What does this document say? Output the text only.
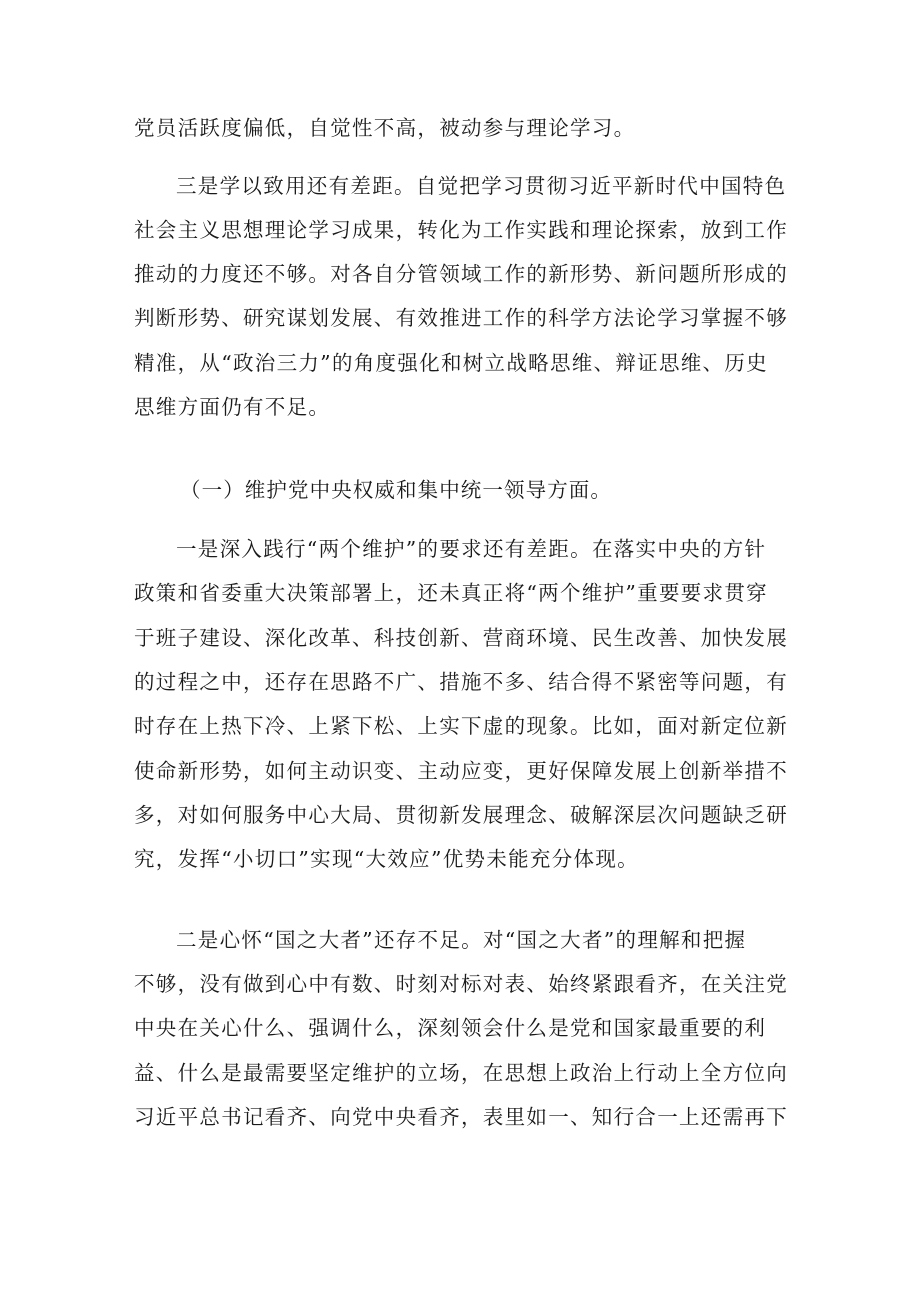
党员活跃度偏低，自觉性不高，被动参与理论学习。
三是学以致用还有差距。自觉把学习贯彻习近平新时代中国特色
社会主义思想理论学习成果，转化为工作实践和理论探索，放到工作
推动的力度还不够。对各自分管领域工作的新形势、新问题所形成的
判断形势、研究谋划发展、有效推进工作的科学方法论学习掌握不够
精准，从“政治三力”的角度强化和树立战略思维、辩证思维、历史
思维方面仍有不足。
（一）维护党中央权威和集中统一领导方面。
一是深入践行“两个维护”的要求还有差距。在落实中央的方针
政策和省委重大决策部署上，还未真正将“两个维护”重要要求贯穿
于班子建设、深化改革、科技创新、营商环境、民生改善、加快发展
的过程之中，还存在思路不广、措施不多、结合得不紧密等问题，有
时存在上热下冷、上紧下松、上实下虚的现象。比如，面对新定位新
使命新形势，如何主动识变、主动应变，更好保障发展上创新举措不
多，对如何服务中心大局、贯彻新发展理念、破解深层次问题缺乏研
究，发挥“小切口”实现“大效应”优势未能充分体现。
二是心怀“国之大者”还存不足。对“国之大者”的理解和把握
不够，没有做到心中有数、时刻对标对表、始终紧跟看齐，在关注党
中央在关心什么、强调什么，深刻领会什么是党和国家最重要的利
益、什么是最需要坚定维护的立场，在思想上政治上行动上全方位向
习近平总书记看齐、向党中央看齐，表里如一、知行合一上还需再下
